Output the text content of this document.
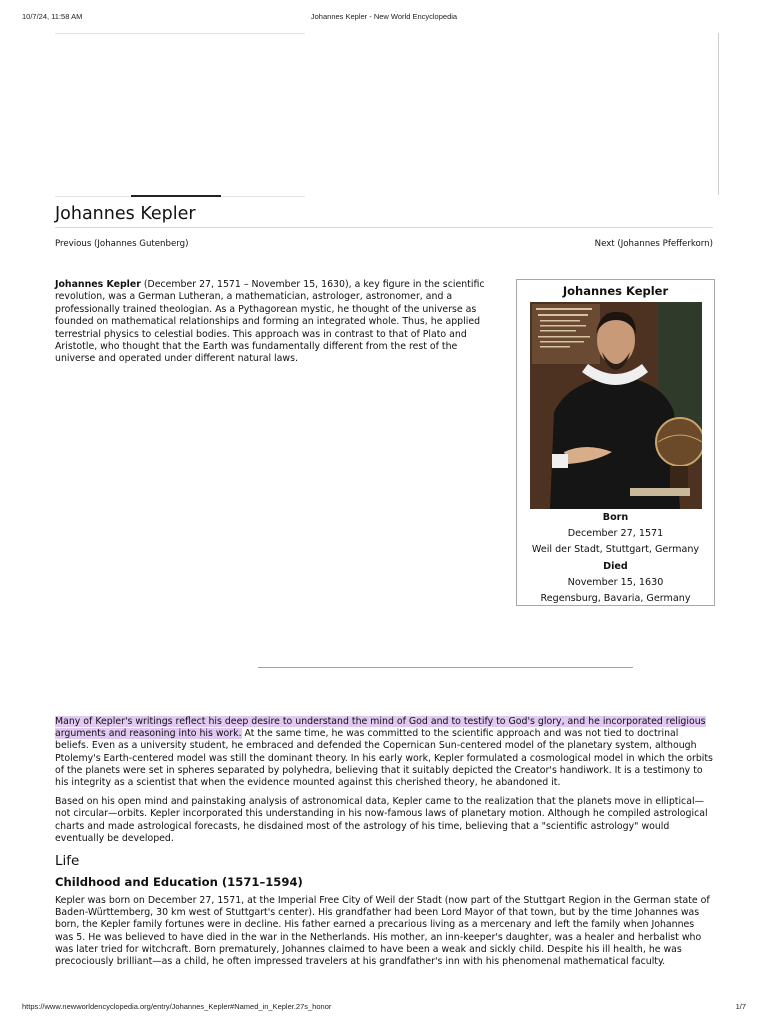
10/7/24, 11:58 AM	Johannes Kepler - New World Encyclopedia
Johannes Kepler
Previous (Johannes Gutenberg)	Next (Johannes Pfefferkorn)

Johannes Kepler (December 27, 1571 – November 15, 1630), a key figure in the scientific revolution, was a German Lutheran, a mathematician, astrologer, astronomer, and a professionally trained theologian. As a Pythagorean mystic, he thought of the universe as founded on mathematical relationships and forming an integrated whole. Thus, he applied terrestrial physics to celestial bodies. This approach was in contrast to that of Plato and Aristotle, who thought that the Earth was fundamentally different from the rest of the universe and operated under different natural laws.

Johannes Kepler
Born
December 27, 1571
Weil der Stadt, Stuttgart, Germany
Died
November 15, 1630
Regensburg, Bavaria, Germany

Many of Kepler's writings reflect his deep desire to understand the mind of God and to testify to God's glory, and he incorporated religious arguments and reasoning into his work. At the same time, he was committed to the scientific approach and was not tied to doctrinal beliefs. Even as a university student, he embraced and defended the Copernican Sun-centered model of the planetary system, although Ptolemy's Earth-centered model was still the dominant theory. In his early work, Kepler formulated a cosmological model in which the orbits of the planets were set in spheres separated by polyhedra, believing that it suitably depicted the Creator's handiwork. It is a testimony to his integrity as a scientist that when the evidence mounted against this cherished theory, he abandoned it.

Based on his open mind and painstaking analysis of astronomical data, Kepler came to the realization that the planets move in elliptical—not circular—orbits. Kepler incorporated this understanding in his now-famous laws of planetary motion. Although he compiled astrological charts and made astrological forecasts, he disdained most of the astrology of his time, believing that a "scientific astrology" would eventually be developed.

Life
Childhood and Education (1571–1594)

Kepler was born on December 27, 1571, at the Imperial Free City of Weil der Stadt (now part of the Stuttgart Region in the German state of Baden-Württemberg, 30 km west of Stuttgart's center). His grandfather had been Lord Mayor of that town, but by the time Johannes was born, the Kepler family fortunes were in decline. His father earned a precarious living as a mercenary and left the family when Johannes was 5. He was believed to have died in the war in the Netherlands. His mother, an inn-keeper's daughter, was a healer and herbalist who was later tried for witchcraft. Born prematurely, Johannes claimed to have been a weak and sickly child. Despite his ill health, he was precociously brilliant—as a child, he often impressed travelers at his grandfather's inn with his phenomenal mathematical faculty.

https://www.newworldencyclopedia.org/entry/Johannes_Kepler#Named_in_Kepler.27s_honor	1/7
